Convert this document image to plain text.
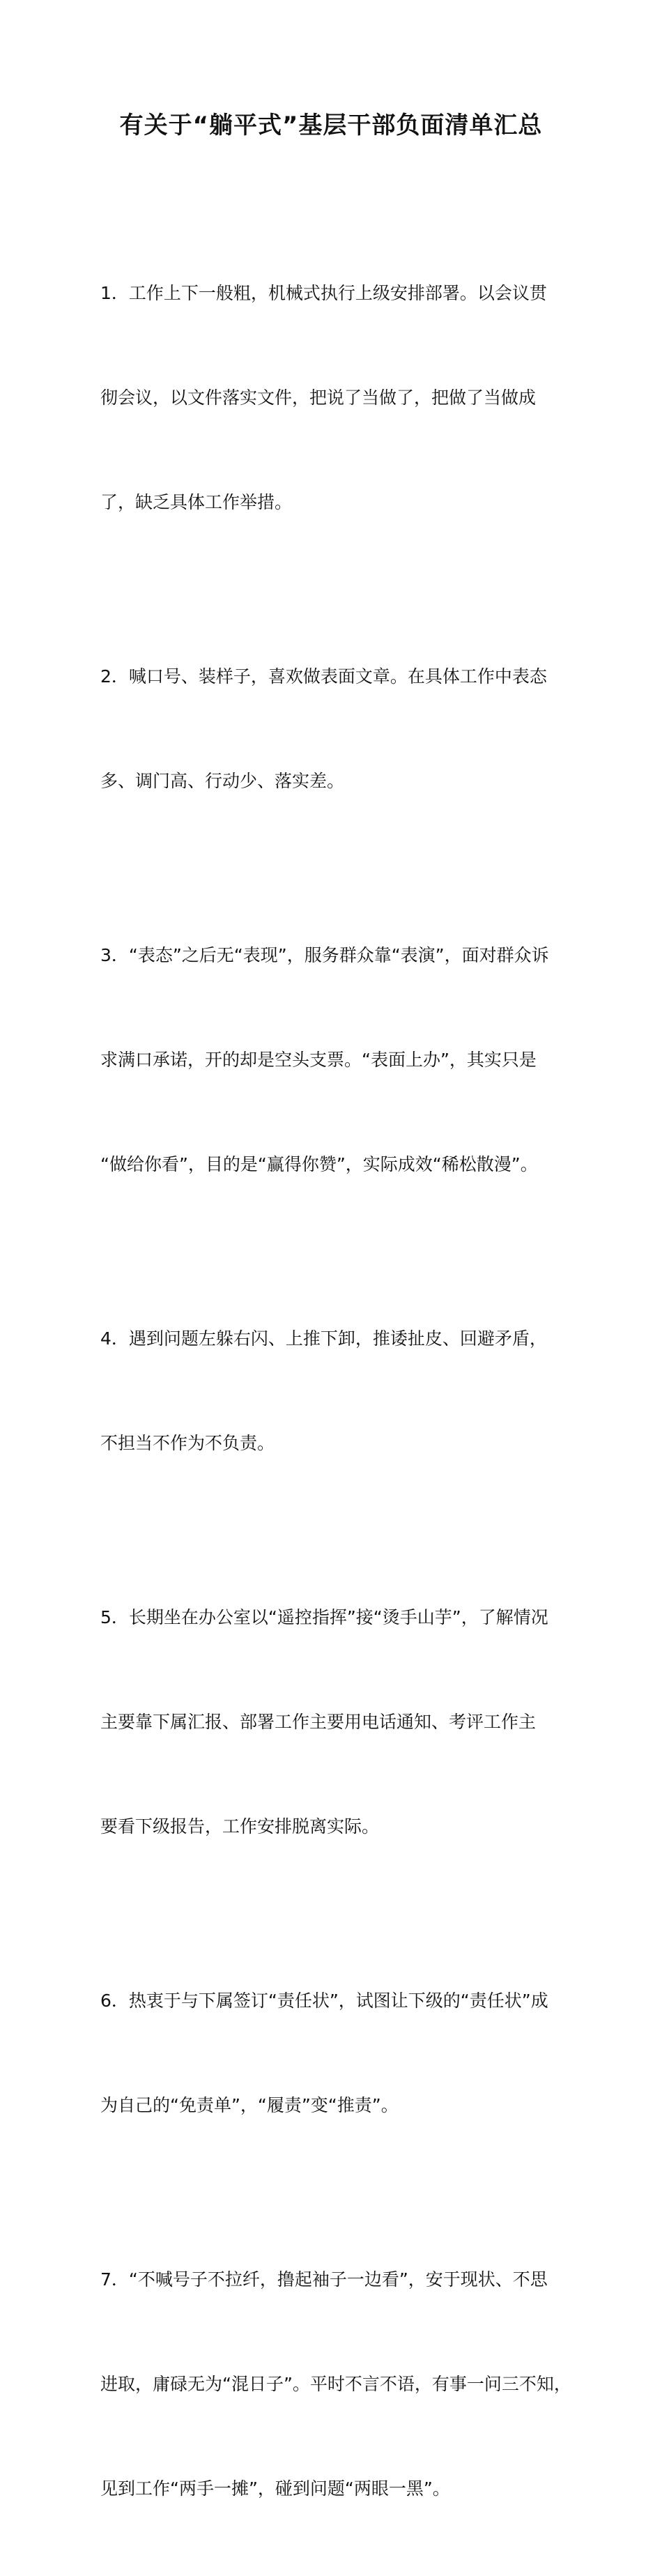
有关于“躺平式”基层干部负面清单汇总

1．工作上下一般粗，机械式执行上级安排部署。以会议贯

彻会议，以文件落实文件，把说了当做了，把做了当做成

了，缺乏具体工作举措。

2．喊口号、装样子，喜欢做表面文章。在具体工作中表态

多、调门高、行动少、落实差。

3．“表态”之后无“表现”，服务群众靠“表演”，面对群众诉

求满口承诺，开的却是空头支票。“表面上办”，其实只是

“做给你看”，目的是“赢得你赞”，实际成效“稀松散漫”。

4．遇到问题左躲右闪、上推下卸，推诿扯皮、回避矛盾，

不担当不作为不负责。

5．长期坐在办公室以“遥控指挥”接“烫手山芋”，了解情况

主要靠下属汇报、部署工作主要用电话通知、考评工作主

要看下级报告，工作安排脱离实际。

6．热衷于与下属签订“责任状”，试图让下级的“责任状”成

为自己的“免责单”，“履责”变“推责”。

7．“不喊号子不拉纤，撸起袖子一边看”，安于现状、不思

进取，庸碌无为“混日子”。平时不言不语，有事一问三不知，

见到工作“两手一摊”，碰到问题“两眼一黑”。
